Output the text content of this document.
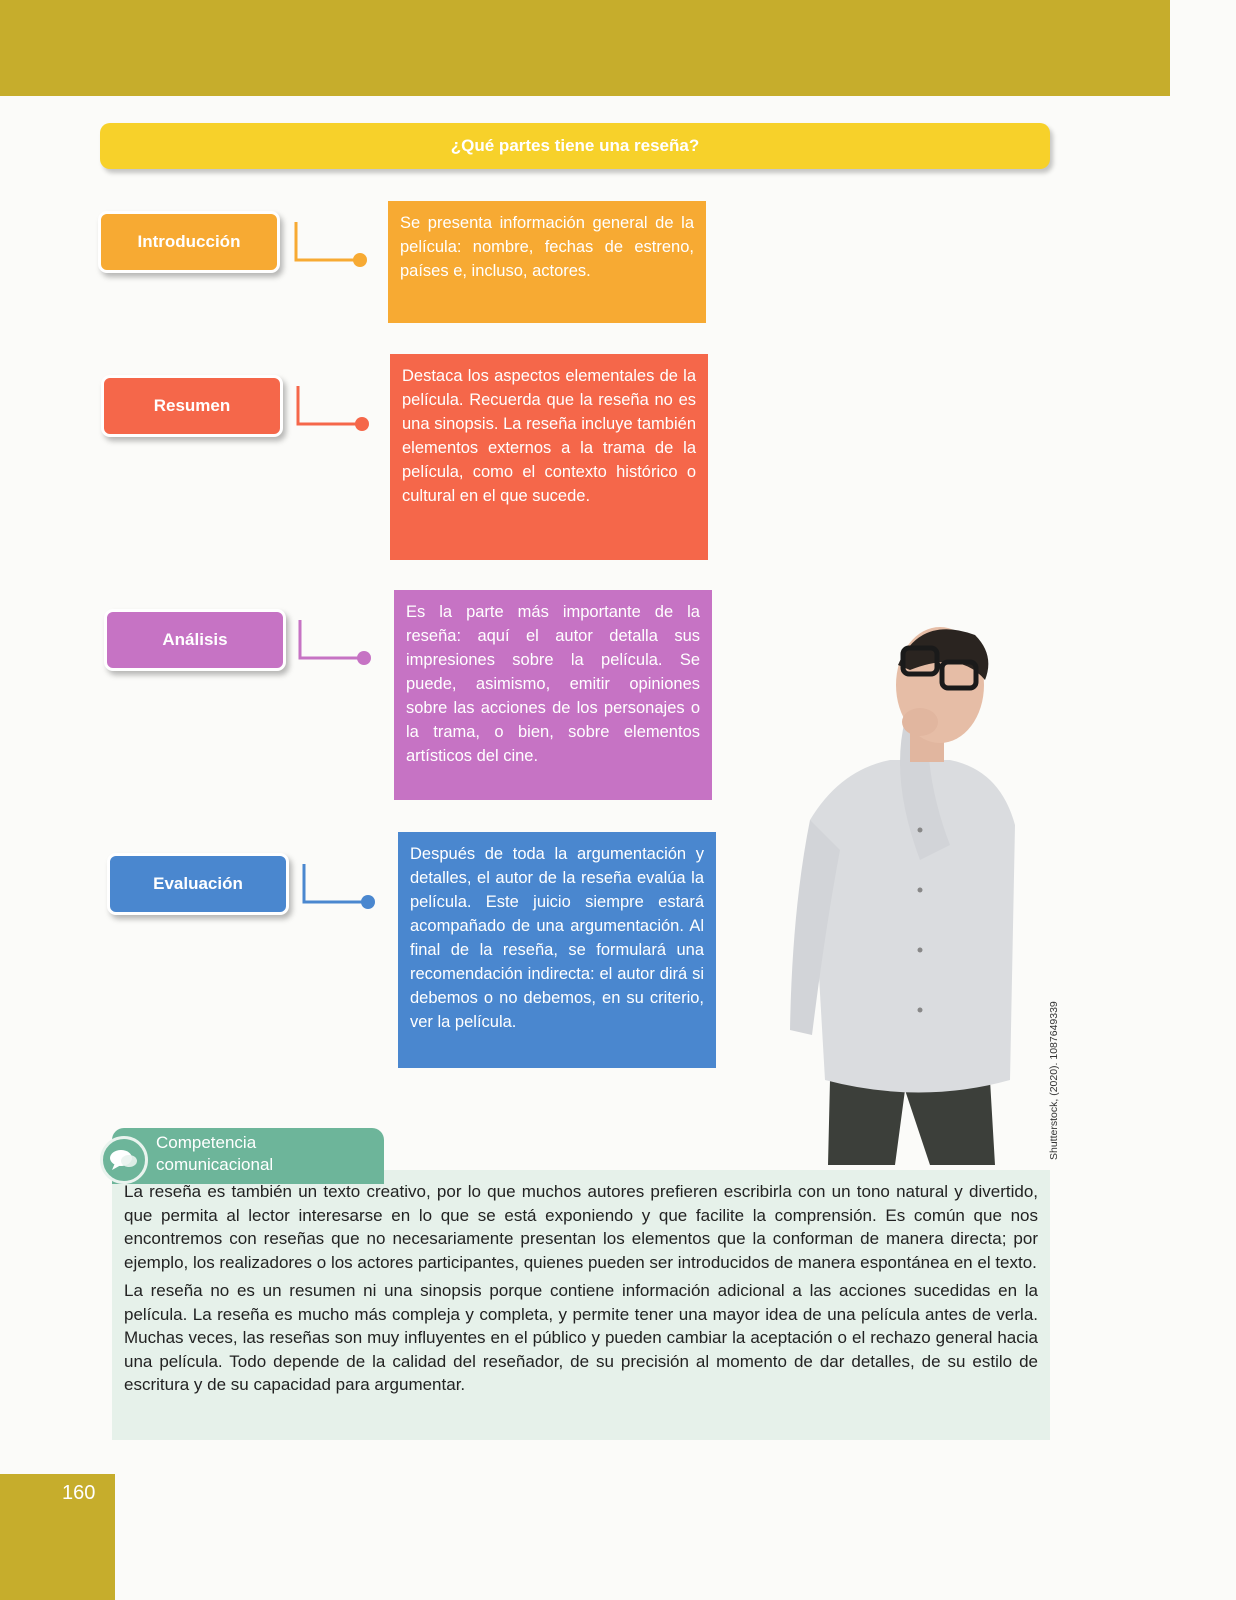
¿Qué partes tiene una reseña?
Introducción
Se presenta información general de la película: nombre, fechas de estreno, países e, incluso, actores.
Resumen
Destaca los aspectos elementales de la película. Recuerda que la reseña no es una sinopsis. La reseña incluye también elementos externos a la trama de la película, como el contexto histórico o cultural en el que sucede.
Análisis
Es la parte más importante de la reseña: aquí el autor detalla sus impresiones sobre la película. Se puede, asimismo, emitir opiniones sobre las acciones de los personajes o la trama, o bien, sobre elementos artísticos del cine.
Evaluación
Después de toda la argumentación y detalles, el autor de la reseña evalúa la película. Este juicio siempre estará acompañado de una argumentación. Al final de la reseña, se formulará una recomendación indirecta: el autor dirá si debemos o no debemos, en su criterio, ver la película.	Shutterstock, (2020). 1087649339
Competencia comunicacional

La reseña es también un texto creativo, por lo que muchos autores prefieren escribirla con un tono natural y divertido, que permita al lector interesarse en lo que se está exponiendo y que facilite la comprensión. Es común que nos encontremos con reseñas que no necesariamente presentan los elementos que la conforman de manera directa; por ejemplo, los realizadores o los actores participantes, quienes pueden ser introducidos de manera espontánea en el texto.

La reseña no es un resumen ni una sinopsis porque contiene información adicional a las acciones sucedidas en la película. La reseña es mucho más compleja y completa, y permite tener una mayor idea de una película antes de verla. Muchas veces, las reseñas son muy influyentes en el público y pueden cambiar la aceptación o el rechazo general hacia una película. Todo depende de la calidad del reseñador, de su precisión al momento de dar detalles, de su estilo de escritura y de su capacidad para argumentar.

160
